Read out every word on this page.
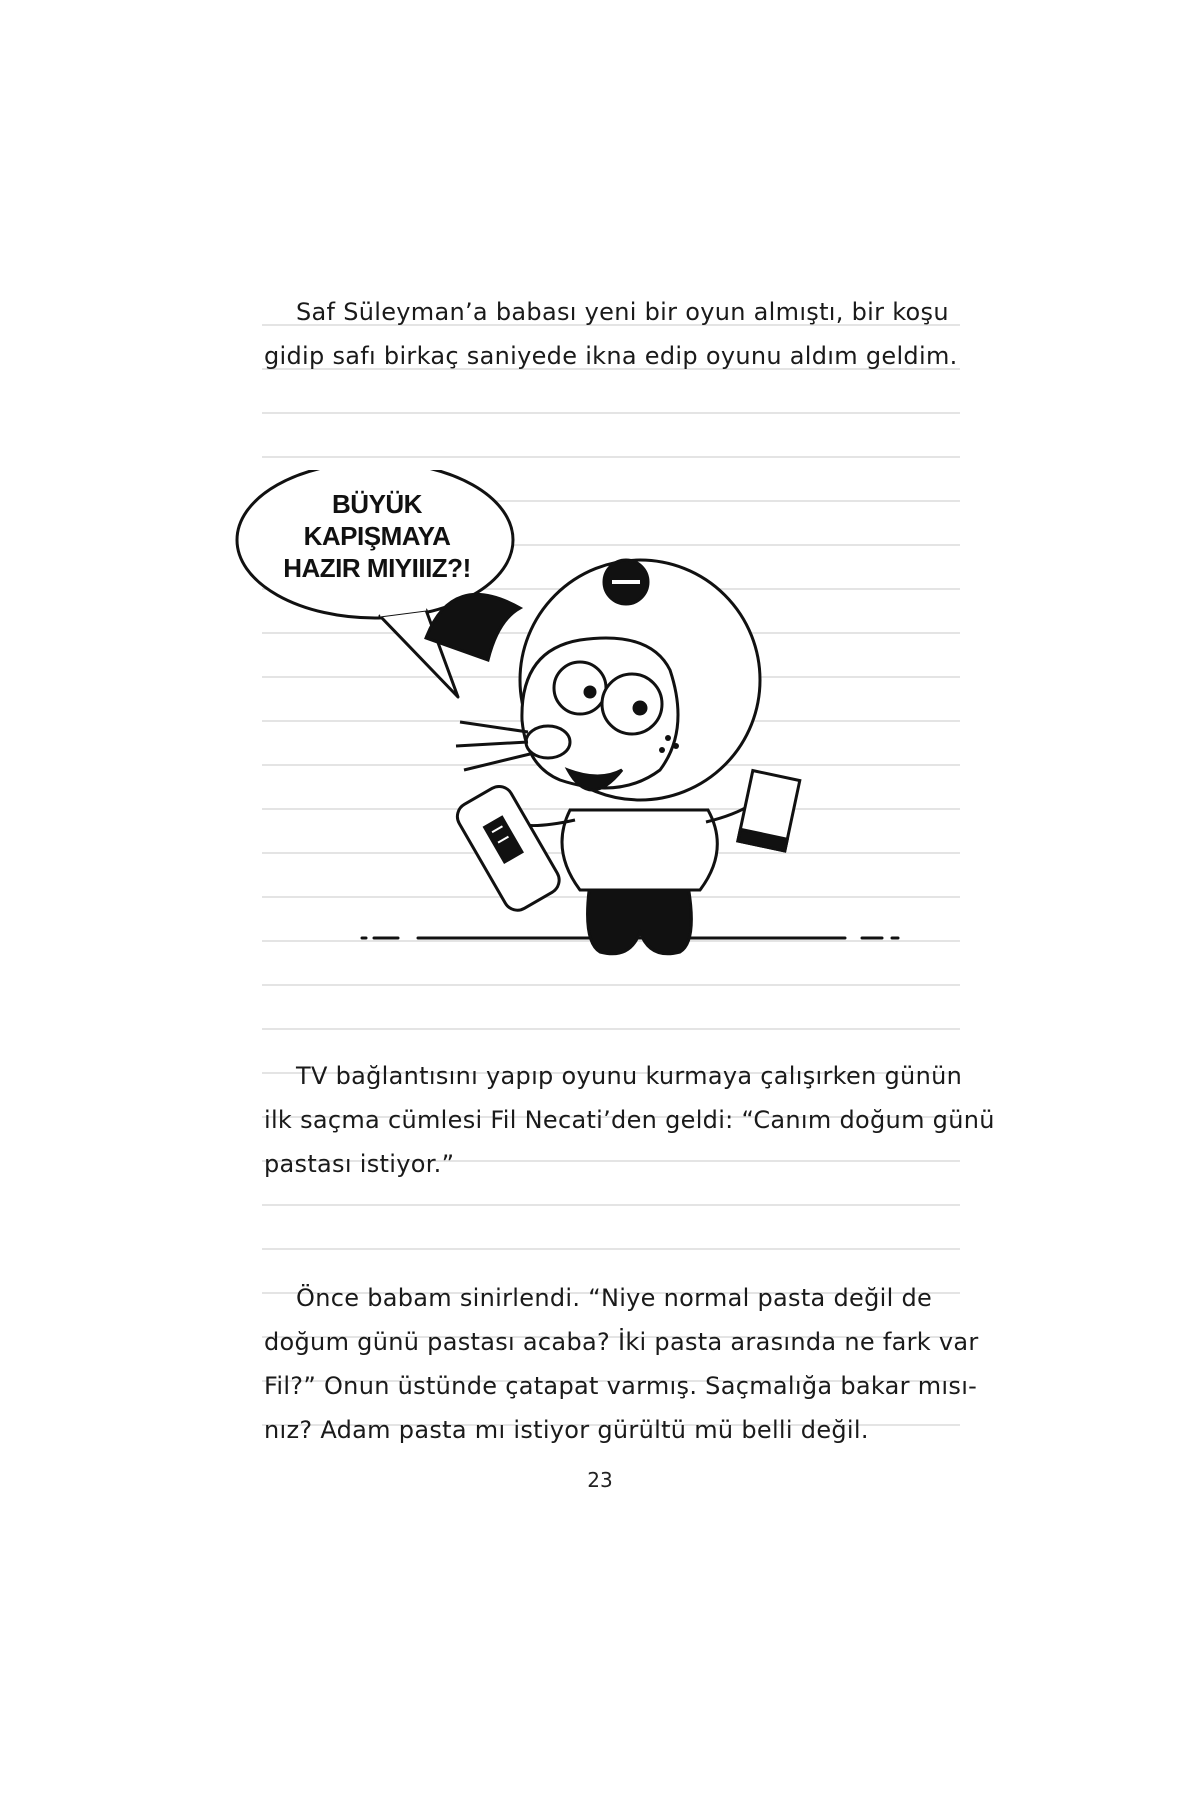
Saf Süleyman’a babası yeni bir oyun almıştı, bir koşu
gidip safı birkaç saniyede ikna edip oyunu aldım geldim.
BÜYÜK
KAPIŞMAYA
HAZIR MIYIIIZ?!
TV bağlantısını yapıp oyunu kurmaya çalışırken günün
ilk saçma cümlesi Fil Necati’den geldi: “Canım doğum günü
pastası istiyor.”
Önce babam sinirlendi. “Niye normal pasta değil de
doğum günü pastası acaba? İki pasta arasında ne fark var
Fil?” Onun üstünde çatapat varmış. Saçmalığa bakar mısı-
nız? Adam pasta mı istiyor gürültü mü belli değil.
23
